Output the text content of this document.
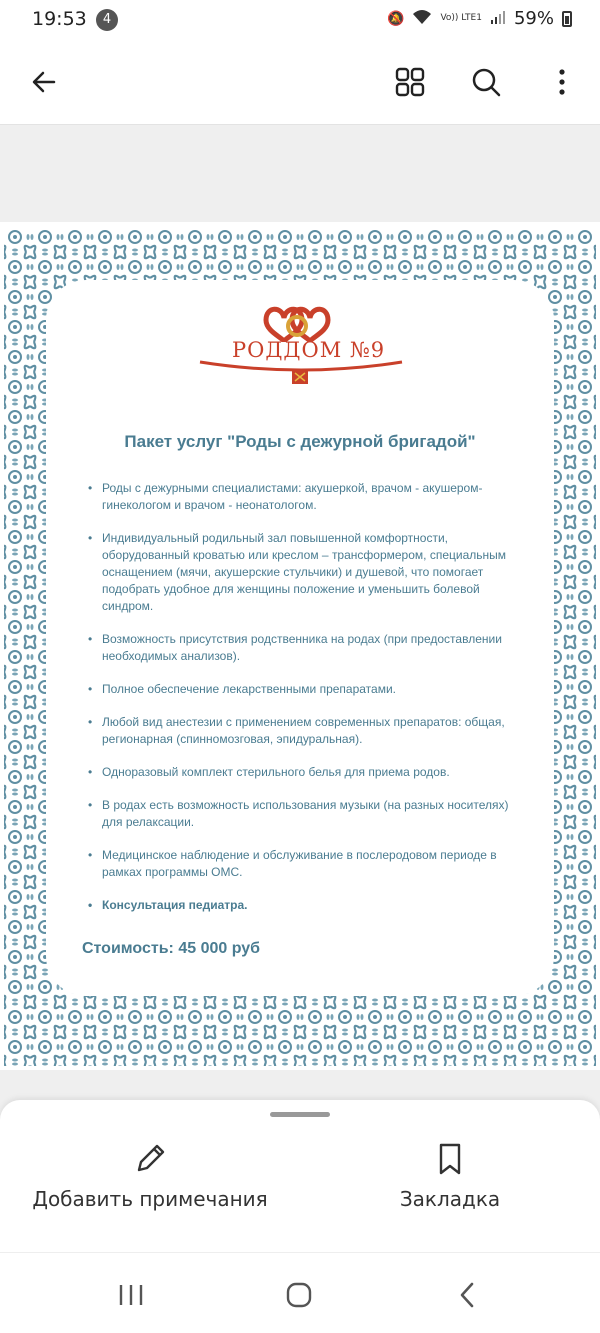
19:53	4	🔕	Vo)) LTE1 59%
РОДДОМ №9
Пакет услуг "Роды с дежурной бригадой"
• Роды с дежурными специалистами: акушеркой, врачом - акушером-гинекологом и врачом - неонатологом.
• Индивидуальный родильный зал повышенной комфортности, оборудованный кроватью или креслом – трансформером, специальным оснащением (мячи, акушерские стульчики) и душевой, что помогает подобрать удобное для женщины положение и уменьшить болевой синдром.
• Возможность присутствия родственника на родах (при предоставлении необходимых анализов).
• Полное обеспечение лекарственными препаратами.
• Любой вид анестезии с применением современных препаратов: общая, регионарная (спинномозговая, эпидуральная).
• Одноразовый комплект стерильного белья для приема родов.
• В родах есть возможность использования музыки (на разных носителях) для релаксации.
• Медицинское наблюдение и обслуживание в послеродовом периоде в рамках программы ОМС.
• Консультация педиатра.
Стоимость: 45 000 руб
Добавить примечания	Закладка
